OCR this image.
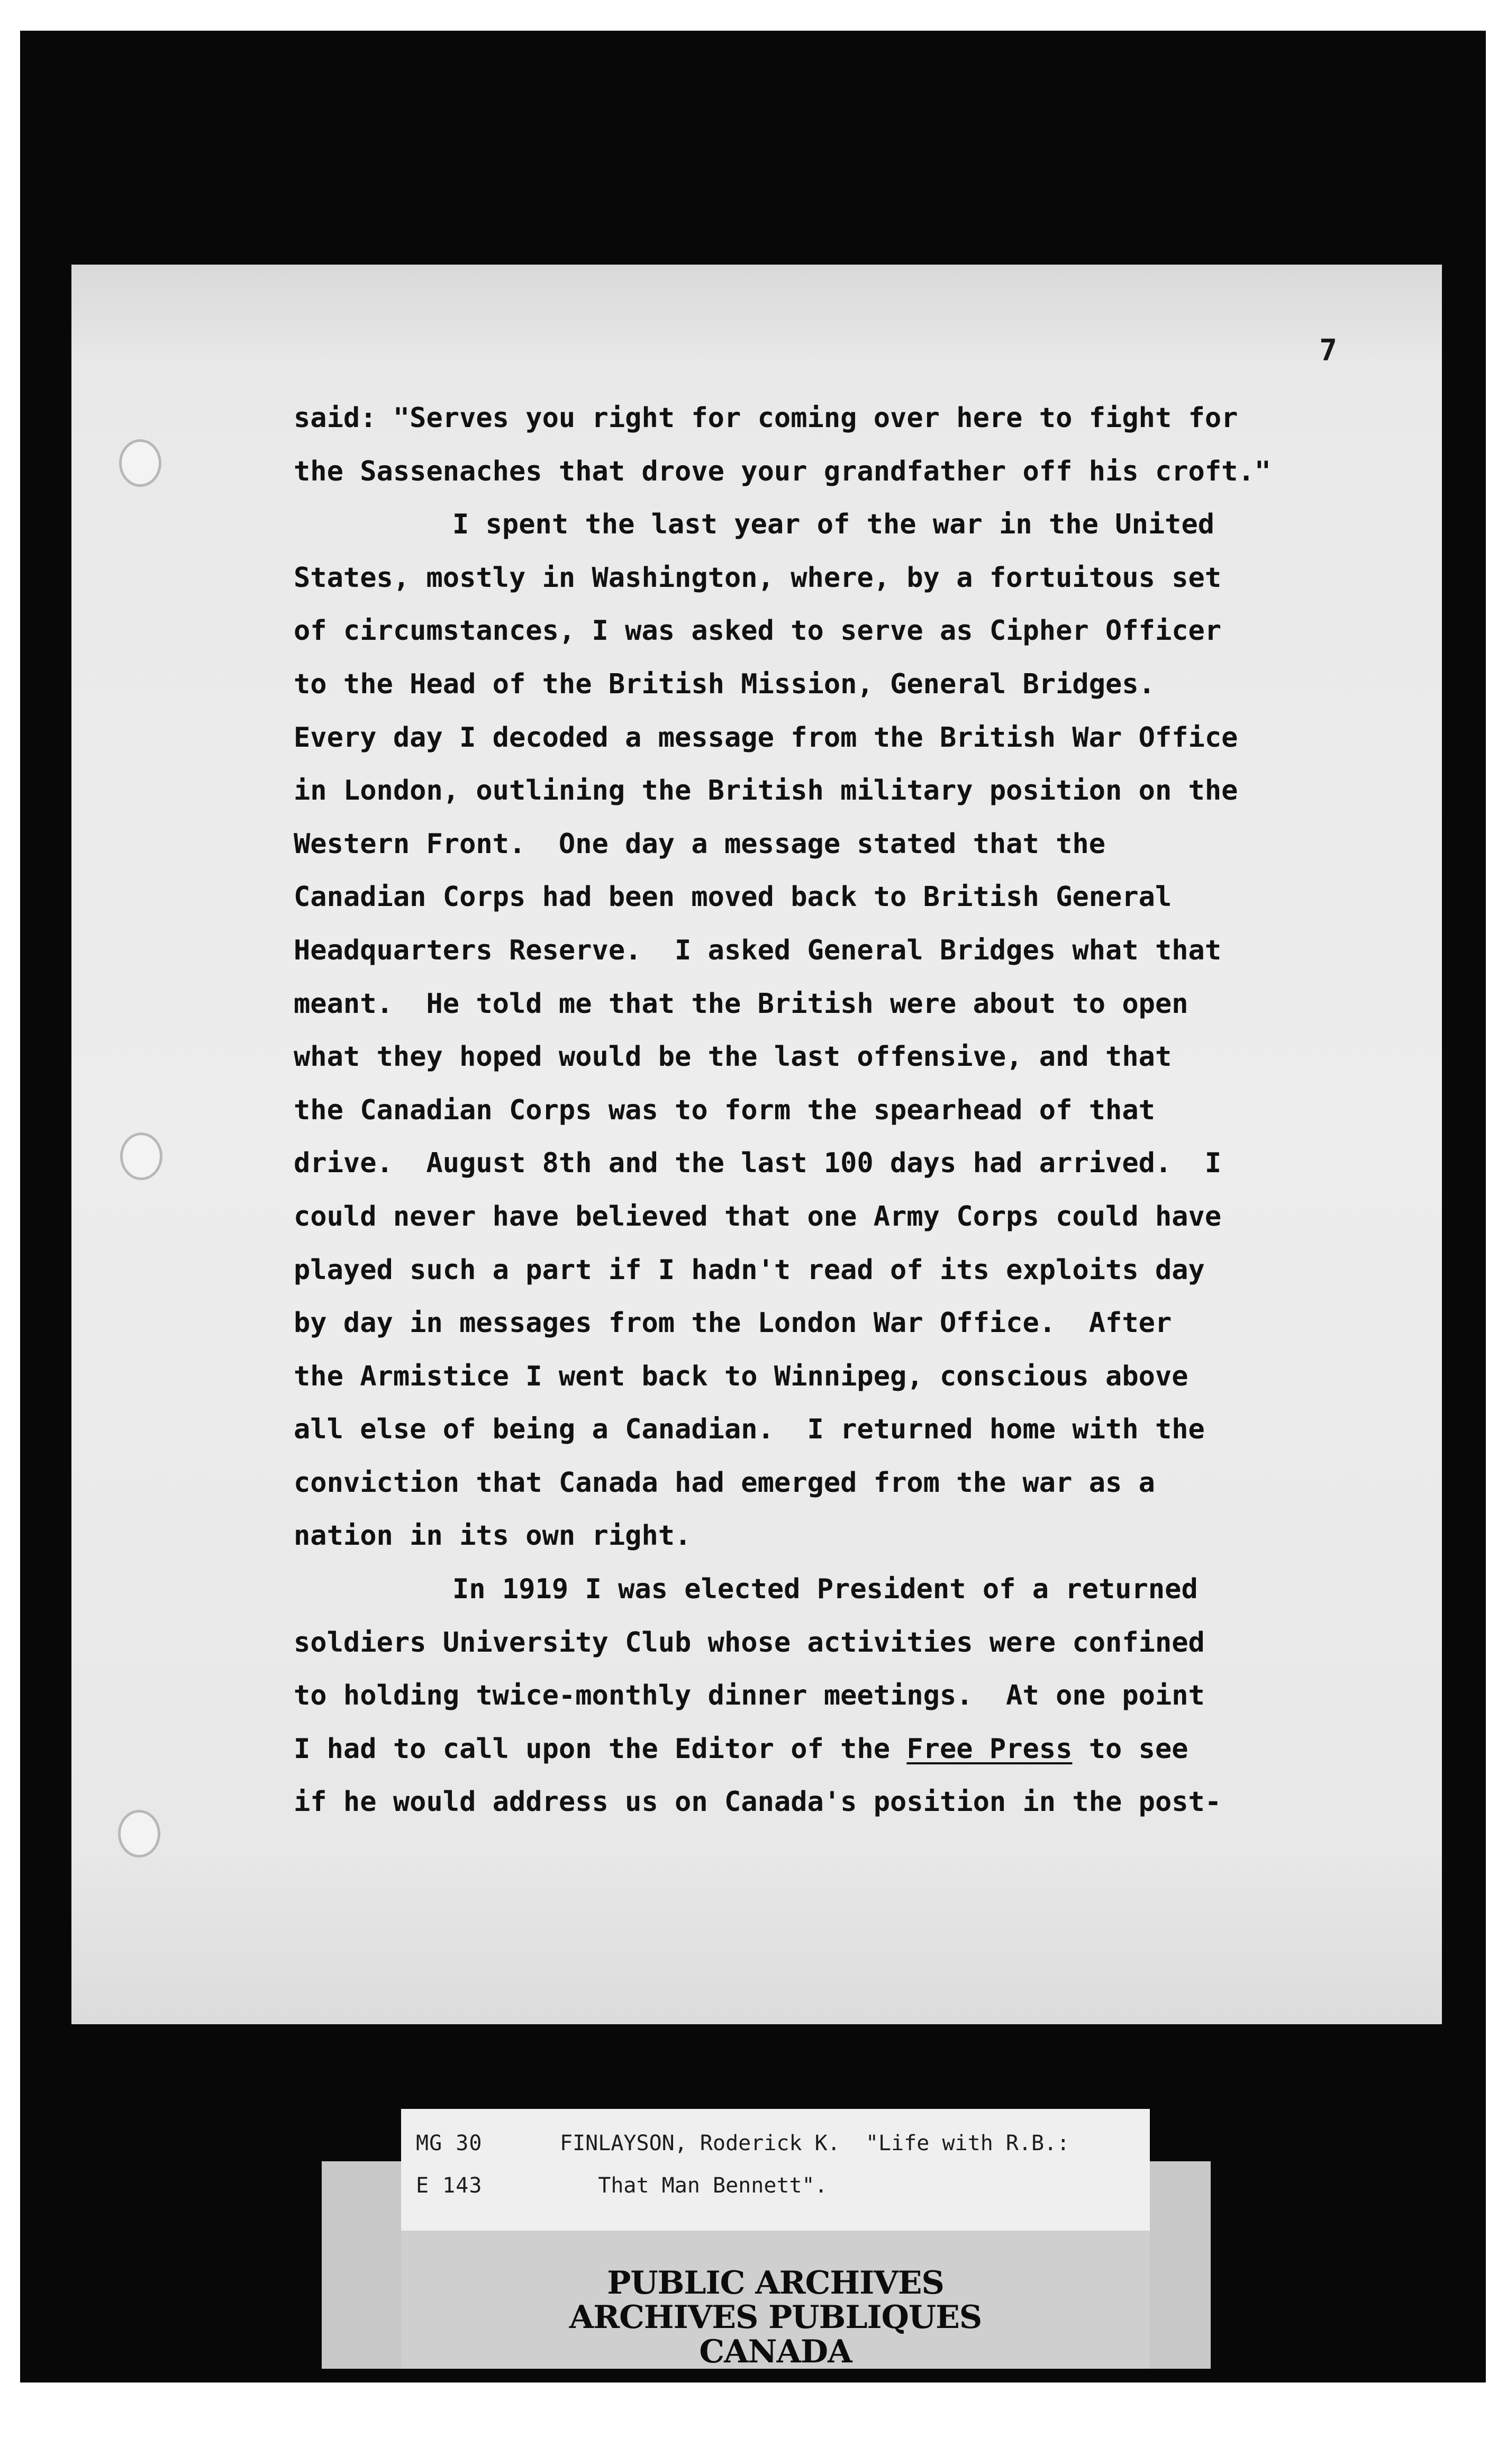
7

said: "Serves you right for coming over here to fight for
the Sassenaches that drove your grandfather off his croft."
I spent the last year of the war in the United
States, mostly in Washington, where, by a fortuitous set
of circumstances, I was asked to serve as Cipher Officer
to the Head of the British Mission, General Bridges.
Every day I decoded a message from the British War Office
in London, outlining the British military position on the
Western Front.  One day a message stated that the
Canadian Corps had been moved back to British General
Headquarters Reserve.  I asked General Bridges what that
meant.  He told me that the British were about to open
what they hoped would be the last offensive, and that
the Canadian Corps was to form the spearhead of that
drive.  August 8th and the last 100 days had arrived.  I
could never have believed that one Army Corps could have
played such a part if I hadn't read of its exploits day
by day in messages from the London War Office.  After
the Armistice I went back to Winnipeg, conscious above
all else of being a Canadian.  I returned home with the
conviction that Canada had emerged from the war as a
nation in its own right.
In 1919 I was elected President of a returned
soldiers University Club whose activities were confined
to holding twice-monthly dinner meetings.  At one point
I had to call upon the Editor of the Free Press to see
if he would address us on Canada's position in the post-

PUBLIC ARCHIVES

ARCHIVES PUBLIQUES

CANADA

MG 30

E 143

FINLAYSON, Roderick K.  "Life with R.B.:

That Man Bennett".
